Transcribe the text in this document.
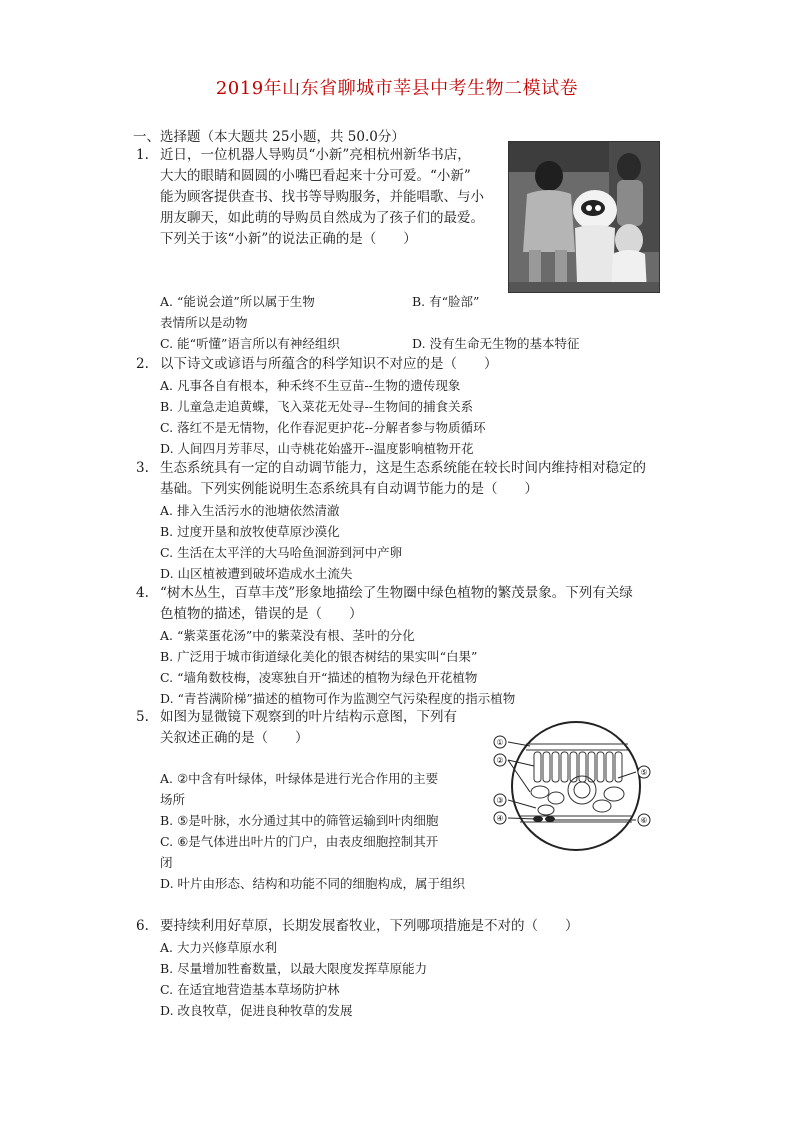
2019年山东省聊城市莘县中考生物二模试卷
一、选择题（本大题共 25小题，共 50.0分）
1. 近日，一位机器人导购员“小新”亮相杭州新华书店，
大大的眼睛和圆圆的小嘴巴看起来十分可爱。“小新”
能为顾客提供查书、找书等导购服务，并能唱歌、与小
朋友聊天，如此萌的导购员自然成为了孩子们的最爱。
下列关于该“小新”的说法正确的是（　　）
A. “能说会道”所以属于生物	B. 有“脸部”
表情所以是动物
C. 能“听懂”语言所以有神经组织	D. 没有生命无生物的基本特征
2. 以下诗文或谚语与所蕴含的科学知识不对应的是（　　）
A. 凡事各自有根本，种禾终不生豆苗--生物的遗传现象
B. 儿童急走追黄蝶，飞入菜花无处寻--生物间的捕食关系
C. 落红不是无情物，化作春泥更护花--分解者参与物质循环
D. 人间四月芳菲尽，山寺桃花始盛开--温度影响植物开花
3. 生态系统具有一定的自动调节能力，这是生态系统能在较长时间内维持相对稳定的
基础。下列实例能说明生态系统具有自动调节能力的是（　　）
A. 排入生活污水的池塘依然清澈
B. 过度开垦和放牧使草原沙漠化
C. 生活在太平洋的大马哈鱼洄游到河中产卵
D. 山区植被遭到破坏造成水土流失
4. “树木丛生，百草丰茂”形象地描绘了生物圈中绿色植物的繁茂景象。下列有关绿
色植物的描述，错误的是（　　）
A. “紫菜蛋花汤”中的紫菜没有根、茎叶的分化
B. 广泛用于城市街道绿化美化的银杏树结的果实叫“白果”
C. “墙角数枝梅，凌寒独自开“描述的植物为绿色开花植物
D. “青苔满阶梯”描述的植物可作为监测空气污染程度的指示植物
5. 如图为显微镜下观察到的叶片结构示意图，下列有
关叙述正确的是（　　）
A. ②中含有叶绿体，叶绿体是进行光合作用的主要
场所
B. ⑤是叶脉，水分通过其中的筛管运输到叶肉细胞
C. ⑥是气体进出叶片的门户，由表皮细胞控制其开
闭
D. 叶片由形态、结构和功能不同的细胞构成，属于组织
①
②
③
④
⑤
⑥
6. 要持续利用好草原，长期发展畜牧业，下列哪项措施是不对的（　　）
A. 大力兴修草原水利
B. 尽量增加牲畜数量，以最大限度发挥草原能力
C. 在适宜地营造基本草场防护林
D. 改良牧草，促进良种牧草的发展
